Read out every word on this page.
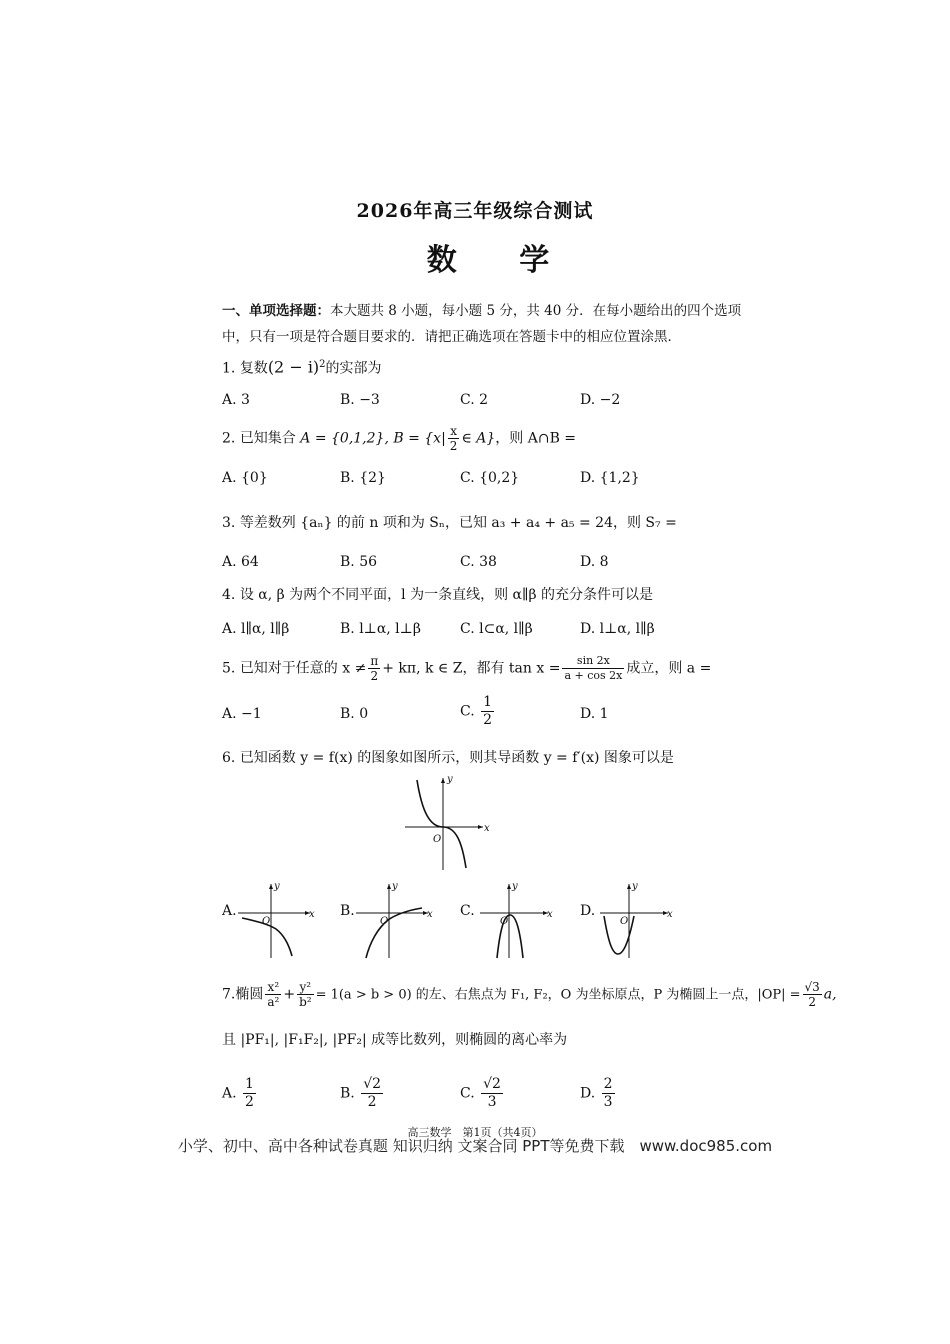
2026年高三年级综合测试
数 学
一、单项选择题：本大题共 8 小题，每小题 5 分，共 40 分．在每小题给出的四个选项中，只有一项是符合题目要求的．请把正确选项在答题卡中的相应位置涂黑．
1. 复数$(2 - i)^2$的实部为
A. 3	B. −3	C. 2	D. −2
2. 已知集合 A = {0,1,2}, $B = \{x| \frac{x}{2}$ ∈ A}，则 A∩B =
A. {0}	B. {2}	C. {0,2}	D. {1,2}
3. 等差数列 {aₙ} 的前 n 项和为 Sₙ，已知 a₃ + a₄ + a₅ = 24，则 S₇ =
A. 64	B. 56	C. 38	D. 8
4. 设 α, β 为两个不同平面，l 为一条直线，则 α∥β 的充分条件可以是
A. l∥α, l∥β	B. l⊥α, l⊥β	C. l⊂α, l∥β	D. l⊥α, l∥β
5. 已知对于任意的 $x \ne \frac{\pi}{2} + k\pi$, k ∈ Z，都有 $\tan x = \frac{\sin 2x}{a + \cos 2x}$ 成立，则 a =
A. −1	B. 0	C. $\frac{1}{2}$	D. 1
6. 已知函数 y = f(x) 的图象如图所示，则其导函数 y = f′(x) 图象可以是
x
y
O
A.	x
y
O
B.	x
y
O
C.	x
y
O
D.	x
y
O
7.椭圆 $\frac{\text{x²}}{\text{a²}} + \frac{\text{y²}}{\text{b²}} = 1(a > b > 0)$ 的左、右焦点为 F₁, F₂，O 为坐标原点，P 为椭圆上一点，$|OP| = \frac{√3}{2} a$,
且 |PF₁|, |F₁F₂|, |PF₂| 成等比数列，则椭圆的离心率为
A. $\frac{1}{2}$	B. $\frac{√2}{2}$	C. $\frac{√2}{3}$	D. $\frac{2}{3}$
高三数学　第1页（共4页）
小学、初中、高中各种试卷真题 知识归纳 文案合同 PPT等免费下载　www.doc985.com
